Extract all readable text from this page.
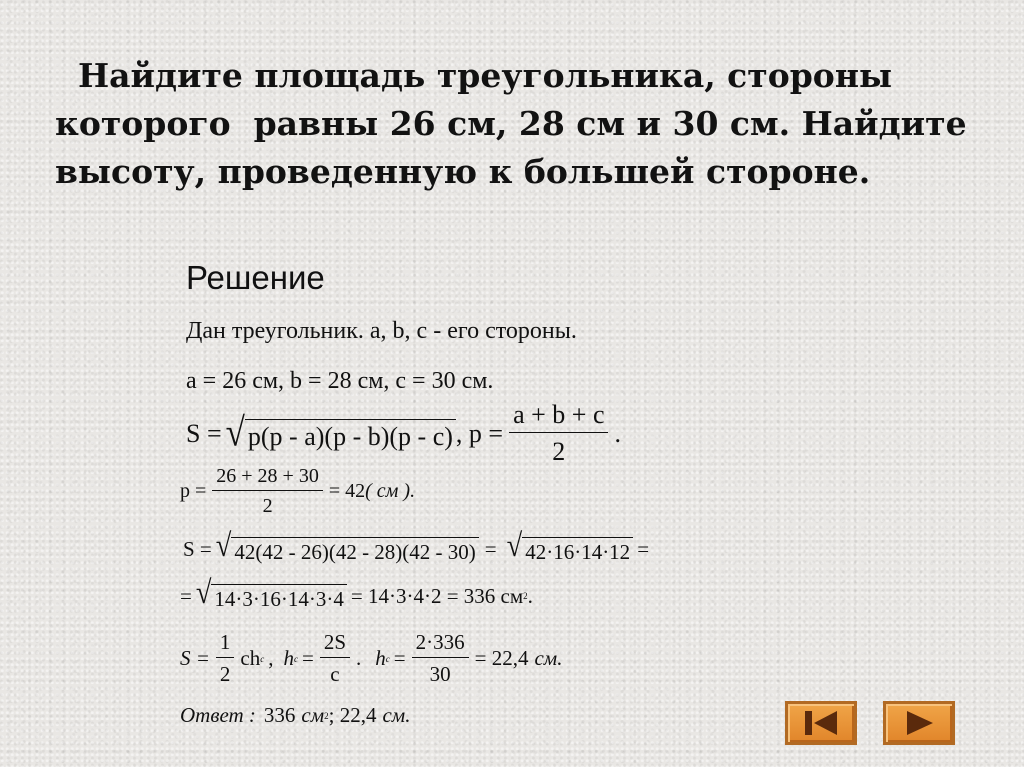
Найдите площадь треугольника, стороны
которого  равны 26 см, 28 см и 30 см. Найдите
высоту, проведенную к большей стороне.
Решение
Дан треугольник. a, b, c - его стороны.
a = 26 см, b = 28 см, c = 30 см.
S = √ p(p - a)(p - b)(p - c) , $p = \frac{a + b + c}{2}$ .
$p = \frac{26 + 28 + 30}{2} = 42$ ( см ).
S = √ 42(42 - 26)(42 - 28)(42 - 30) = √ 42·16·14·12 =
= √ 14·3·16·14·3·4 = 14·3·4·2 = 336 см 2 .
$S = \frac{1}{2}$ ch c , h $c = \frac{2S}{c}$ . h $c = \frac{2\cdot 336}{30} = 22,4$ см.
Ответ : 336 см 2 ; 22,4 см.
